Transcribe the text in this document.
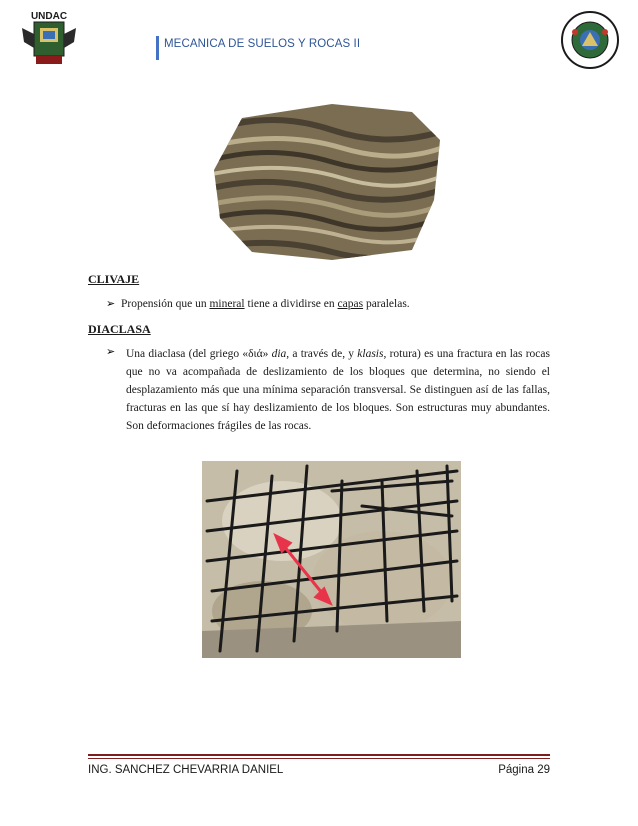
UNDAC
MECANICA DE SUELOS Y ROCAS II
CLIVAJE
➢ Propensión que un mineral tiene a dividirse en capas paralelas.
DIACLASA
➢ Una diaclasa (del griego «διά» dia, a través de, y klasis, rotura) es una fractura en las rocas que no va acompañada de deslizamiento de los bloques que determina, no siendo el desplazamiento más que una mínima separación transversal. Se distinguen así de las fallas, fracturas en las que sí hay deslizamiento de los bloques. Son estructuras muy abundantes. Son deformaciones frágiles de las rocas.
ING. SANCHEZ CHEVARRIA DANIEL	Página 29
